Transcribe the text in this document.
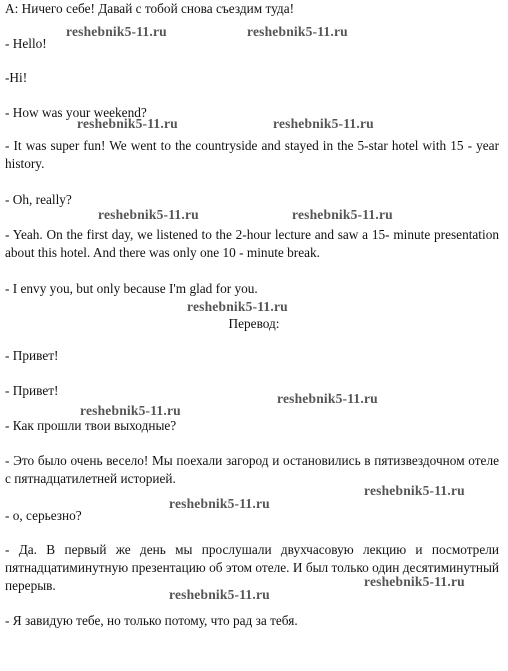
А: Ничего себе! Давай с тобой снова съездим туда!
- Hello!
-Hi!
- How was your weekend?
- It was super fun! We went to the countryside and stayed in the 5-star hotel with 15 - year history.
- Oh, really?
- Yeah. On the first day, we listened to the 2-hour lecture and saw a 15- minute presentation about this hotel. And there was only one 10 - minute break.
- I envy you, but only because I'm glad for you.
Перевод:
- Привет!
- Привет!
- Как прошли твои выходные?
- Это было очень весело! Мы поехали загород и остановились в пятизвездочном отеле с пятнадцатилетней историей.
- о, серьезно?
- Да. В первый же день мы прослушали двухчасовую лекцию и посмотрели пятнадцатиминутную презентацию об этом отеле. И был только один десятиминутный перерыв.
- Я завидую тебе, но только потому, что рад за тебя.
reshebnik5-11.ru	reshebnik5-11.ru
reshebnik5-11.ru	reshebnik5-11.ru
reshebnik5-11.ru	reshebnik5-11.ru
reshebnik5-11.ru
reshebnik5-11.ru
reshebnik5-11.ru
reshebnik5-11.ru
reshebnik5-11.ru
reshebnik5-11.ru
reshebnik5-11.ru
